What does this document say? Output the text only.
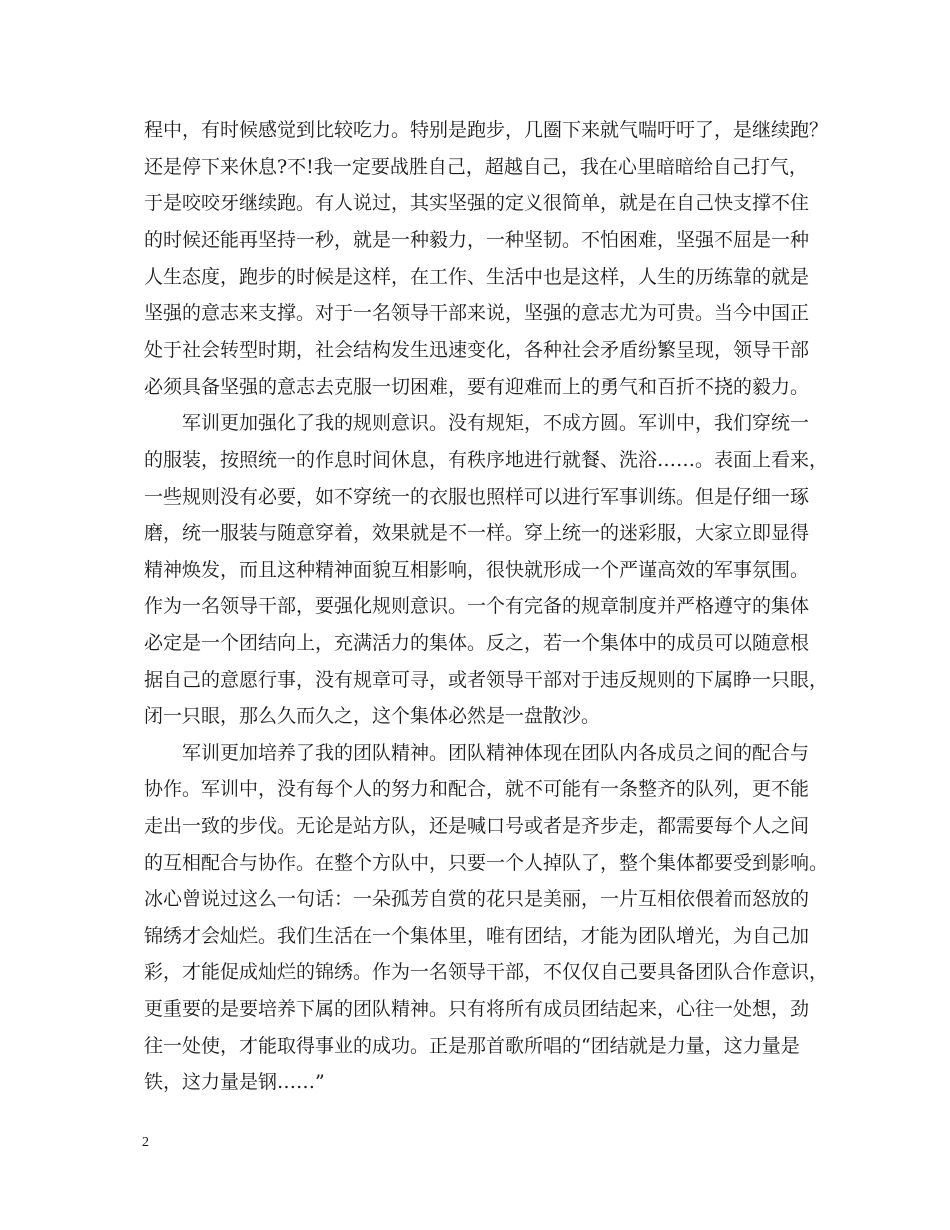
程中，有时候感觉到比较吃力。特别是跑步，几圈下来就气喘吁吁了，是继续跑？
还是停下来休息?不!我一定要战胜自己，超越自己，我在心里暗暗给自己打气，
于是咬咬牙继续跑。有人说过，其实坚强的定义很简单，就是在自己快支撑不住
的时候还能再坚持一秒，就是一种毅力，一种坚韧。不怕困难，坚强不屈是一种
人生态度，跑步的时候是这样，在工作、生活中也是这样，人生的历练靠的就是
坚强的意志来支撑。对于一名领导干部来说，坚强的意志尤为可贵。当今中国正
处于社会转型时期，社会结构发生迅速变化，各种社会矛盾纷繁呈现，领导干部
必须具备坚强的意志去克服一切困难，要有迎难而上的勇气和百折不挠的毅力。
　　军训更加强化了我的规则意识。没有规矩，不成方圆。军训中，我们穿统一
的服装，按照统一的作息时间休息，有秩序地进行就餐、洗浴……。表面上看来，
一些规则没有必要，如不穿统一的衣服也照样可以进行军事训练。但是仔细一琢
磨，统一服装与随意穿着，效果就是不一样。穿上统一的迷彩服，大家立即显得
精神焕发，而且这种精神面貌互相影响，很快就形成一个严谨高效的军事氛围。
作为一名领导干部，要强化规则意识。一个有完备的规章制度并严格遵守的集体
必定是一个团结向上，充满活力的集体。反之，若一个集体中的成员可以随意根
据自己的意愿行事，没有规章可寻，或者领导干部对于违反规则的下属睁一只眼，
闭一只眼，那么久而久之，这个集体必然是一盘散沙。
　　军训更加培养了我的团队精神。团队精神体现在团队内各成员之间的配合与
协作。军训中，没有每个人的努力和配合，就不可能有一条整齐的队列，更不能
走出一致的步伐。无论是站方队，还是喊口号或者是齐步走，都需要每个人之间
的互相配合与协作。在整个方队中，只要一个人掉队了，整个集体都要受到影响。
冰心曾说过这么一句话：一朵孤芳自赏的花只是美丽，一片互相依偎着而怒放的
锦绣才会灿烂。我们生活在一个集体里，唯有团结，才能为团队增光，为自己加
彩，才能促成灿烂的锦绣。作为一名领导干部，不仅仅自己要具备团队合作意识，
更重要的是要培养下属的团队精神。只有将所有成员团结起来，心往一处想，劲
往一处使，才能取得事业的成功。正是那首歌所唱的“团结就是力量，这力量是
铁，这力量是钢……”
2
